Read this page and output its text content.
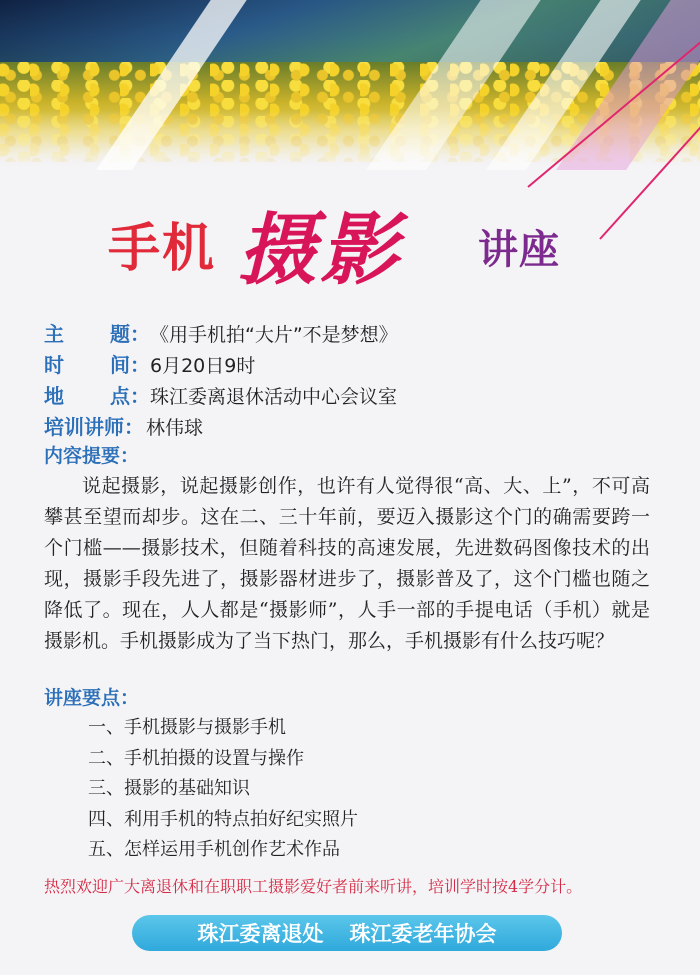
手机 摄影 讲座
主 题： 《用手机拍“大片”不是梦想》
时 间： 6月20日9时
地 点： 珠江委离退休活动中心会议室
培训讲师： 林伟球
内容提要：
说起摄影，说起摄影创作，也许有人觉得很“高、大、上”，不可高攀甚至望而却步。这在二、三十年前，要迈入摄影这个门的确需要跨一个门槛——摄影技术，但随着科技的高速发展，先进数码图像技术的出现，摄影手段先进了，摄影器材进步了，摄影普及了，这个门槛也随之降低了。现在，人人都是“摄影师”，人手一部的手提电话（手机）就是摄影机。手机摄影成为了当下热门，那么，手机摄影有什么技巧呢？
讲座要点：
一、手机摄影与摄影手机
二、手机拍摄的设置与操作
三、摄影的基础知识
四、利用手机的特点拍好纪实照片
五、怎样运用手机创作艺术作品
热烈欢迎广大离退休和在职职工摄影爱好者前来听讲，培训学时按4学分计。
珠江委离退处 珠江委老年协会
